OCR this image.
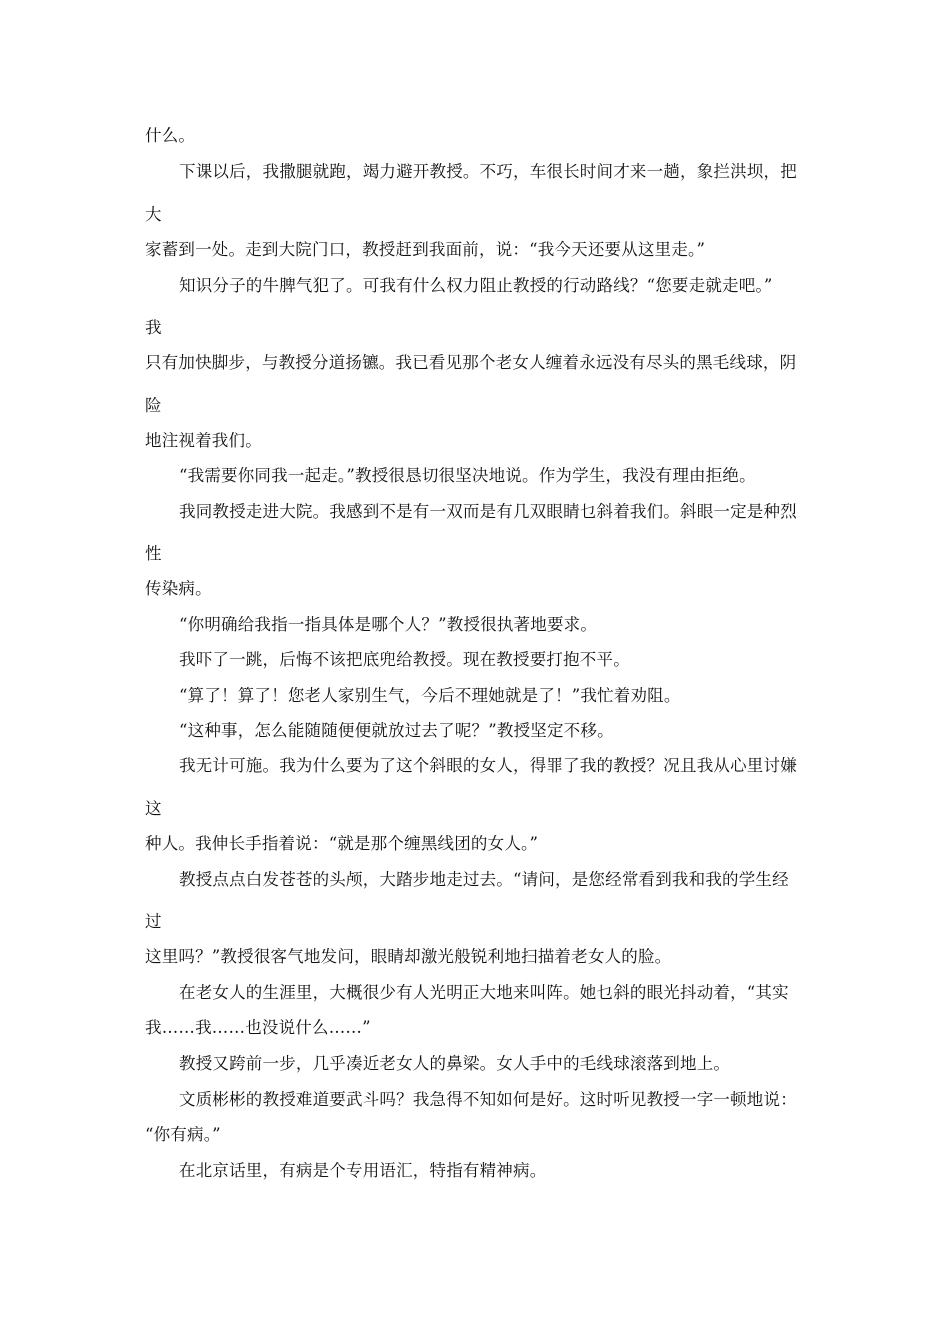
什么。
下课以后，我撒腿就跑，竭力避开教授。不巧，车很长时间才来一趟，象拦洪坝，把
大
家蓄到一处。走到大院门口，教授赶到我面前，说：“我今天还要从这里走。”
知识分子的牛脾气犯了。可我有什么权力阻止教授的行动路线？“您要走就走吧。”
我
只有加快脚步，与教授分道扬镳。我已看见那个老女人缠着永远没有尽头的黑毛线球，阴
险
地注视着我们。
“我需要你同我一起走。”教授很恳切很坚决地说。作为学生，我没有理由拒绝。
我同教授走进大院。我感到不是有一双而是有几双眼睛乜斜着我们。斜眼一定是种烈
性
传染病。
“你明确给我指一指具体是哪个人？”教授很执著地要求。
我吓了一跳，后悔不该把底兜给教授。现在教授要打抱不平。
“算了！算了！您老人家别生气，今后不理她就是了！”我忙着劝阻。
“这种事，怎么能随随便便就放过去了呢？”教授坚定不移。
我无计可施。我为什么要为了这个斜眼的女人，得罪了我的教授？况且我从心里讨嫌
这
种人。我伸长手指着说：“就是那个缠黑线团的女人。”
教授点点白发苍苍的头颅，大踏步地走过去。“请问，是您经常看到我和我的学生经
过
这里吗？”教授很客气地发问，眼睛却激光般锐利地扫描着老女人的脸。
在老女人的生涯里，大概很少有人光明正大地来叫阵。她乜斜的眼光抖动着，“其实
我……我……也没说什么……”
教授又跨前一步，几乎凑近老女人的鼻梁。女人手中的毛线球滚落到地上。
文质彬彬的教授难道要武斗吗？我急得不知如何是好。这时听见教授一字一顿地说：
“你有病。”
在北京话里，有病是个专用语汇，特指有精神病。
